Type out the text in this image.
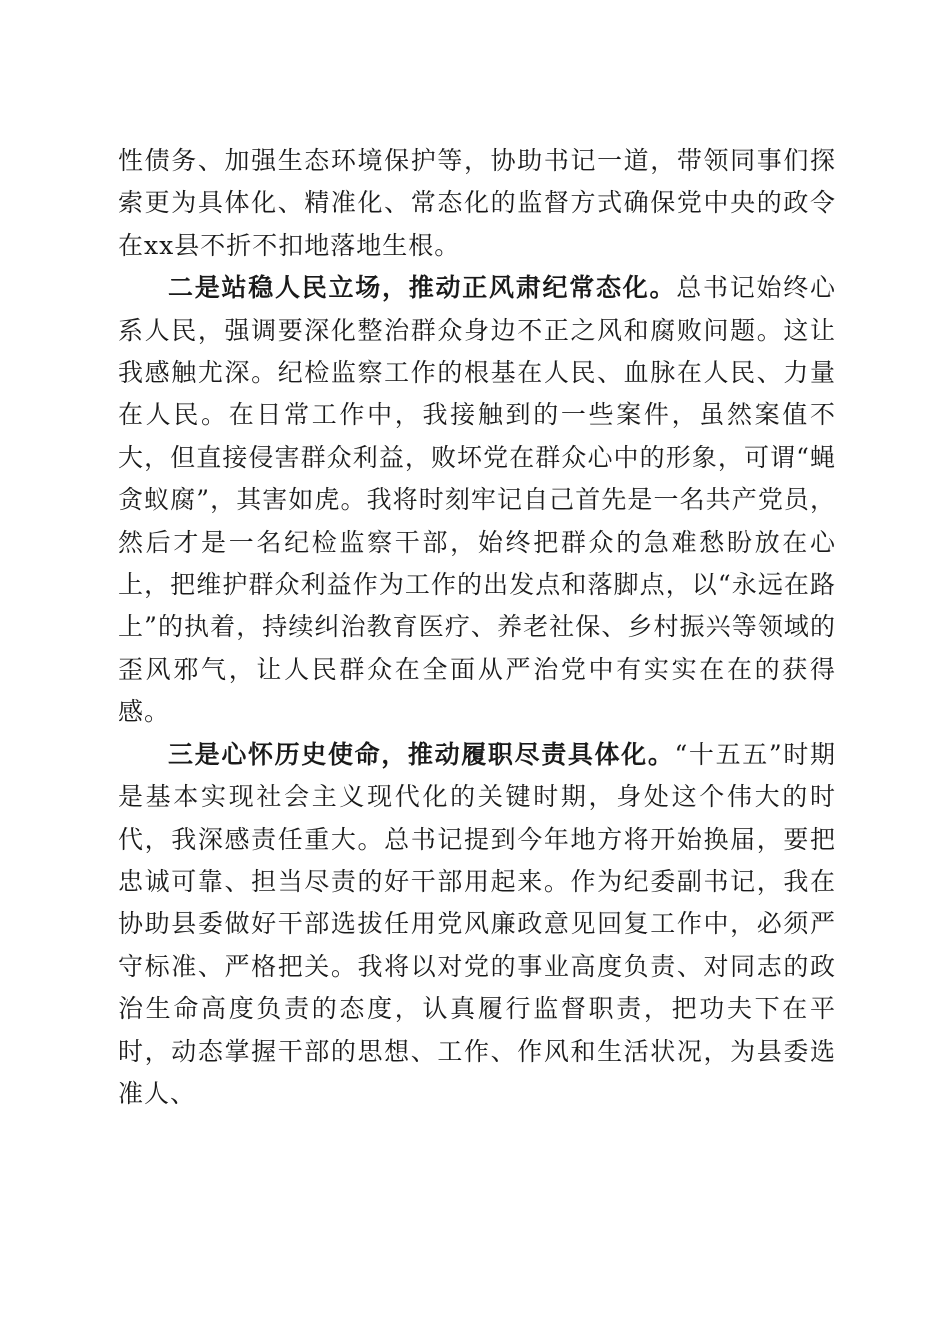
性债务、加强生态环境保护等，协助书记一道，带领同事们探索更为具体化、精准化、常态化的监督方式确保党中央的政令在xx县不折不扣地落地生根。

二是站稳人民立场，推动正风肃纪常态化。总书记始终心系人民，强调要深化整治群众身边不正之风和腐败问题。这让我感触尤深。纪检监察工作的根基在人民、血脉在人民、力量在人民。在日常工作中，我接触到的一些案件，虽然案值不大，但直接侵害群众利益，败坏党在群众心中的形象，可谓“蝇贪蚁腐”，其害如虎。我将时刻牢记自己首先是一名共产党员，然后才是一名纪检监察干部，始终把群众的急难愁盼放在心上，把维护群众利益作为工作的出发点和落脚点，以“永远在路上”的执着，持续纠治教育医疗、养老社保、乡村振兴等领域的歪风邪气，让人民群众在全面从严治党中有实实在在的获得感。

三是心怀历史使命，推动履职尽责具体化。“十五五”时期是基本实现社会主义现代化的关键时期，身处这个伟大的时代，我深感责任重大。总书记提到今年地方将开始换届，要把忠诚可靠、担当尽责的好干部用起来。作为纪委副书记，我在协助县委做好干部选拔任用党风廉政意见回复工作中，必须严守标准、严格把关。我将以对党的事业高度负责、对同志的政治生命高度负责的态度，认真履行监督职责，把功夫下在平时，动态掌握干部的思想、工作、作风和生活状况，为县委选准人、
